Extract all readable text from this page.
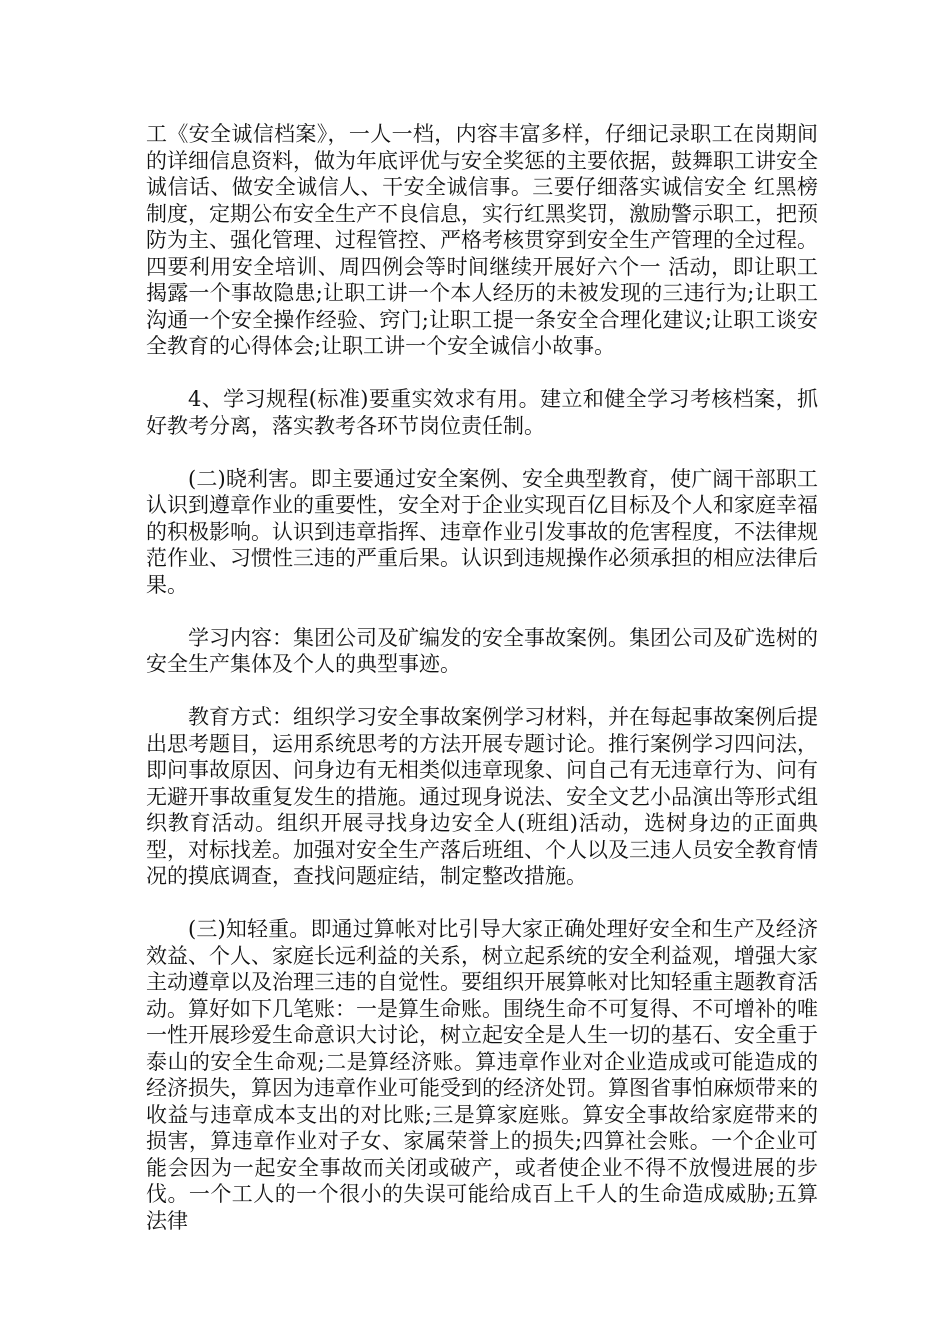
工《安全诚信档案》，一人一档，内容丰富多样，仔细记录职工在岗期间的详细信息资料，做为年底评优与安全奖惩的主要依据，鼓舞职工讲安全诚信话、做安全诚信人、干安全诚信事。三要仔细落实诚信安全 红黑榜制度，定期公布安全生产不良信息，实行红黑奖罚，激励警示职工，把预防为主、强化管理、过程管控、严格考核贯穿到安全生产管理的全过程。四要利用安全培训、周四例会等时间继续开展好六个一 活动，即让职工揭露一个事故隐患;让职工讲一个本人经历的未被发现的三违行为;让职工沟通一个安全操作经验、窍门;让职工提一条安全合理化建议;让职工谈安全教育的心得体会;让职工讲一个安全诚信小故事。

4、学习规程(标准)要重实效求有用。建立和健全学习考核档案，抓好教考分离，落实教考各环节岗位责任制。

(二)晓利害。即主要通过安全案例、安全典型教育，使广阔干部职工认识到遵章作业的重要性，安全对于企业实现百亿目标及个人和家庭幸福的积极影响。认识到违章指挥、违章作业引发事故的危害程度，不法律规范作业、习惯性三违的严重后果。认识到违规操作必须承担的相应法律后果。

学习内容：集团公司及矿编发的安全事故案例。集团公司及矿选树的安全生产集体及个人的典型事迹。

教育方式：组织学习安全事故案例学习材料，并在每起事故案例后提出思考题目，运用系统思考的方法开展专题讨论。推行案例学习四问法，即问事故原因、问身边有无相类似违章现象、问自己有无违章行为、问有无避开事故重复发生的措施。通过现身说法、安全文艺小品演出等形式组织教育活动。组织开展寻找身边安全人(班组)活动，选树身边的正面典型，对标找差。加强对安全生产落后班组、个人以及三违人员安全教育情况的摸底调查，查找问题症结，制定整改措施。

(三)知轻重。即通过算帐对比引导大家正确处理好安全和生产及经济效益、个人、家庭长远利益的关系，树立起系统的安全利益观，增强大家主动遵章以及治理三违的自觉性。要组织开展算帐对比知轻重主题教育活动。算好如下几笔账：一是算生命账。围绕生命不可复得、不可增补的唯一性开展珍爱生命意识大讨论，树立起安全是人生一切的基石、安全重于泰山的安全生命观;二是算经济账。算违章作业对企业造成或可能造成的经济损失，算因为违章作业可能受到的经济处罚。算图省事怕麻烦带来的收益与违章成本支出的对比账;三是算家庭账。算安全事故给家庭带来的损害，算违章作业对子女、家属荣誉上的损失;四算社会账。一个企业可能会因为一起安全事故而关闭或破产，或者使企业不得不放慢进展的步伐。一个工人的一个很小的失误可能给成百上千人的生命造成威胁;五算法律
